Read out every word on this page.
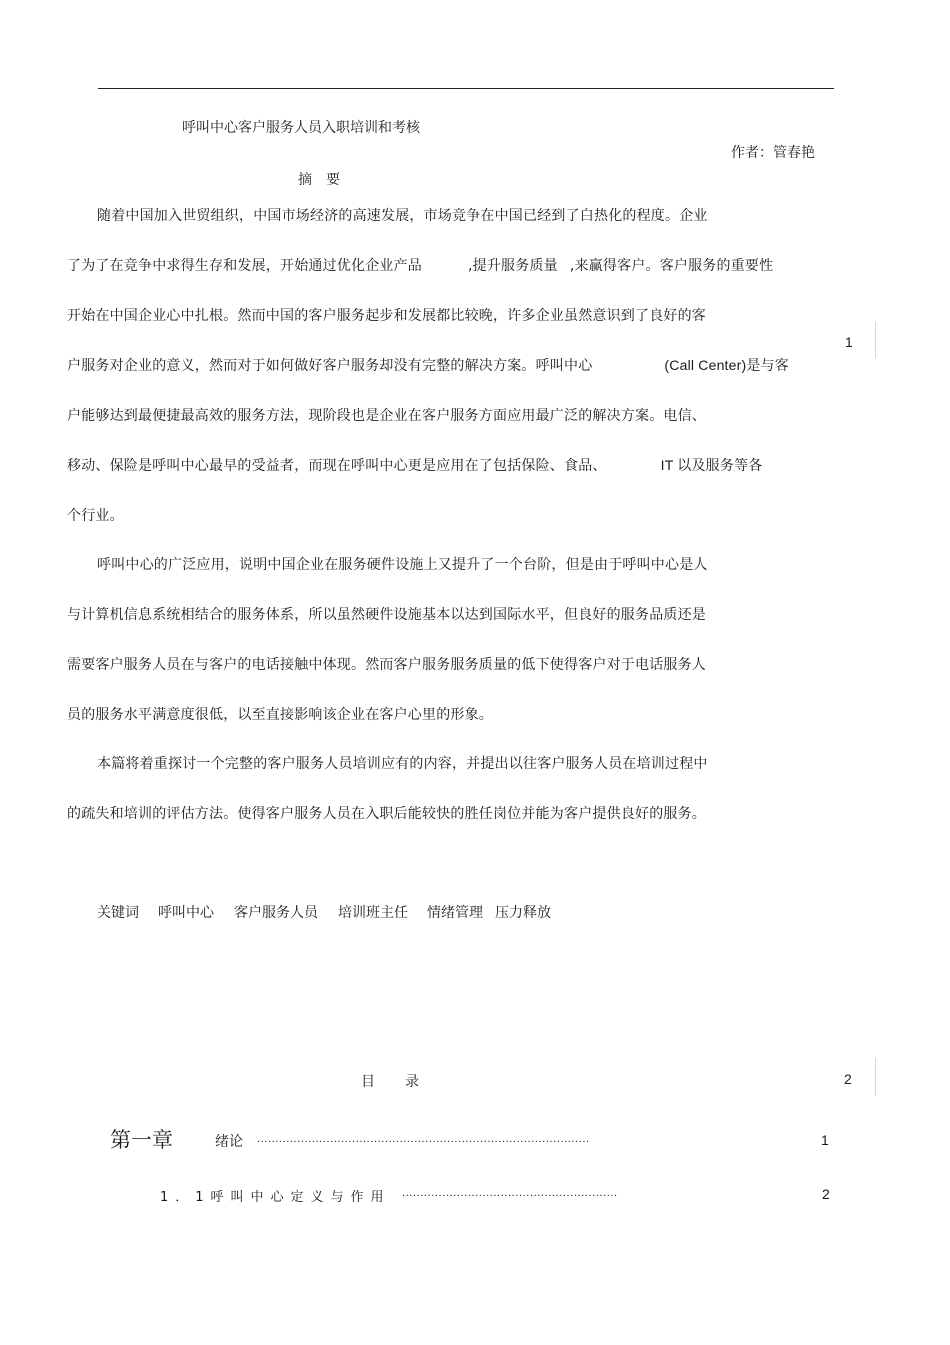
呼叫中心客户服务人员入职培训和考核
作者：管春艳
摘要
随着中国加入世贸组织，中国市场经济的高速发展，市场竞争在中国已经到了白热化的程度。企业
了为了在竞争中求得生存和发展，开始通过优化企业产品	,提升服务质量 ,来赢得客户。客户服务的重要性
开始在中国企业心中扎根。然而中国的客户服务起步和发展都比较晚，许多企业虽然意识到了良好的客
户服务对企业的意义，然而对于如何做好客户服务却没有完整的解决方案。呼叫中心	(Call Center)是与客
户能够达到最便捷最高效的服务方法，现阶段也是企业在客户服务方面应用最广泛的解决方案。电信、
移动、保险是呼叫中心最早的受益者，而现在呼叫中心更是应用在了包括保险、食品、	IT 以及服务等各
个行业。
呼叫中心的广泛应用，说明中国企业在服务硬件设施上又提升了一个台阶，但是由于呼叫中心是人
与计算机信息系统相结合的服务体系，所以虽然硬件设施基本以达到国际水平，但良好的服务品质还是
需要客户服务人员在与客户的电话接触中体现。然而客户服务服务质量的低下使得客户对于电话服务人
员的服务水平满意度很低，以至直接影响该企业在客户心里的形象。
本篇将着重探讨一个完整的客户服务人员培训应有的内容，并提出以往客户服务人员在培训过程中
的疏失和培训的评估方法。使得客户服务人员在入职后能较快的胜任岗位并能为客户提供良好的服务。
关键词 呼叫中心 客户服务人员 培训班主任 情绪管理 压力释放
1
2
目录
第一章	绪论 ...........................................................................................	1
1．1呼叫中心定义与作用 ...........................................................	2
